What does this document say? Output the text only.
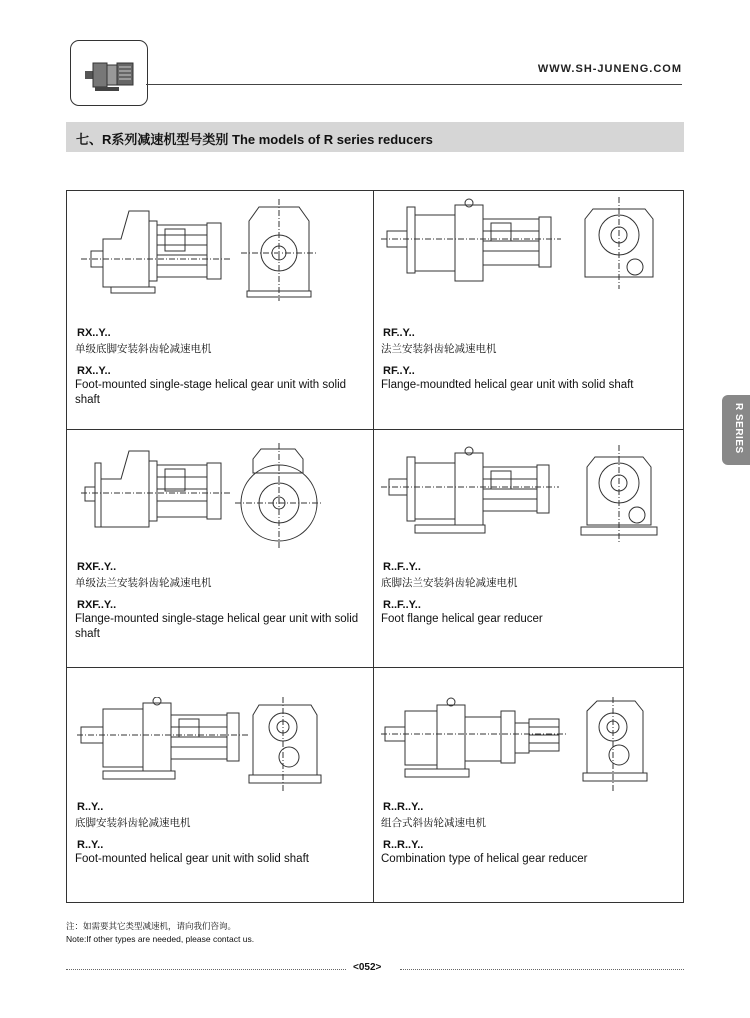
WWW.SH-JUNENG.COM
七、R系列减速机型号类别 The models of R series reducers
R SERIES
RX..Y..
单级底脚安装斜齿轮减速电机
RX..Y..
Foot-mounted single-stage helical gear unit with solid shaft
RF..Y..
法兰安装斜齿轮减速电机
RF..Y..
Flange-moundted helical gear unit with solid shaft
RXF..Y..
单级法兰安装斜齿轮减速电机
RXF..Y..
Flange-mounted single-stage helical gear unit with solid shaft
R..F..Y..
底脚法兰安装斜齿轮减速电机
R..F..Y..
Foot flange helical gear reducer
R..Y..
底脚安装斜齿轮减速电机
R..Y..
Foot-mounted helical gear unit with solid shaft
R..R..Y..
组合式斜齿轮减速电机
R..R..Y..
Combination type of helical gear reducer
注：如需要其它类型减速机，请向我们咨询。
Note:If other types are needed, please contact us.
<052>
